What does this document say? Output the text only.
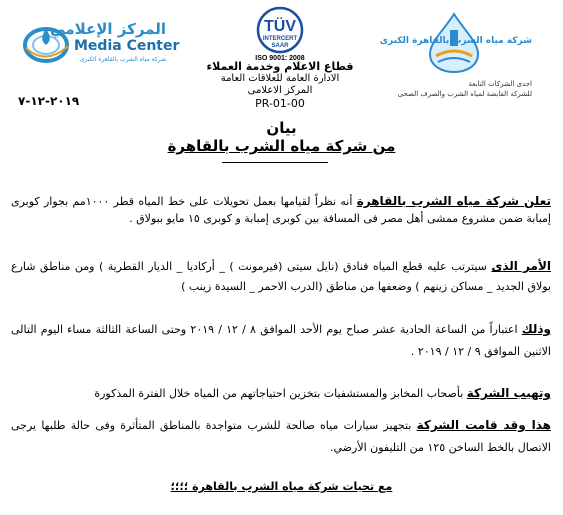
المركز الإعلامي
Media Center
شركة مياه الشرب بالقاهرة الكبرى
TÜV
INTERCERT
SAAR
ISO 9001: 2008
قطاع الاعلام وخدمة العملاء
الادارة العامة للعلاقات العامة
المركز الاعلامى
PR-01-00
شركة مياه الشرب بالقاهرة الكبرى
احدى الشركات التابعة
للشركة القابضة لمياه الشرب والصرف الصحى
٢٠١٩-١٢-٧
بيان
من شركة مياه الشرب بالقاهرة
تعلن شركة مياه الشرب بالقاهرة أنه نظراً لقيامها بعمل تحويلات على خط المياه قطر ١٠٠٠مم بجوار كوبرى إمبابة ضمن مشروع ممشى أهل مصر فى المسافة بين كوبرى إمبابة و كوبرى ١٥ مايو ببولاق .
الأمر الذى سيترتب عليه قطع المياه فنادق (نايل سيتى (فيرمونت ) _ أركاديا _ الديار القطرية ) ومن مناطق شارع بولاق الجديد _ مساكن زينهم ) وضعفها من مناطق (الدرب الاحمر _ السيدة زينب )
وذلك اعتباراً من الساعة الحادية عشر صباح يوم الأحد الموافق ٨ / ١٢ / ٢٠١٩ وحتى الساعة الثالثة مساء اليوم التالى الاثنين الموافق ٩ / ١٢ / ٢٠١٩ .
وتهيب الشركة بأصحاب المخابز والمستشفيات بتخزين احتياجاتهم من المياه خلال الفترة المذكورة
هذا وقد قامت الشركة بتجهيز سيارات مياه صالحة للشرب متواجدة بالمناطق المتأثرة وفى حالة طلبها يرجى الاتصال بالخط الساخن ١٢٥ من التليفون الأرضي.
مع تحيات شركة مياه الشرب بالقاهرة ؛؛؛؛
